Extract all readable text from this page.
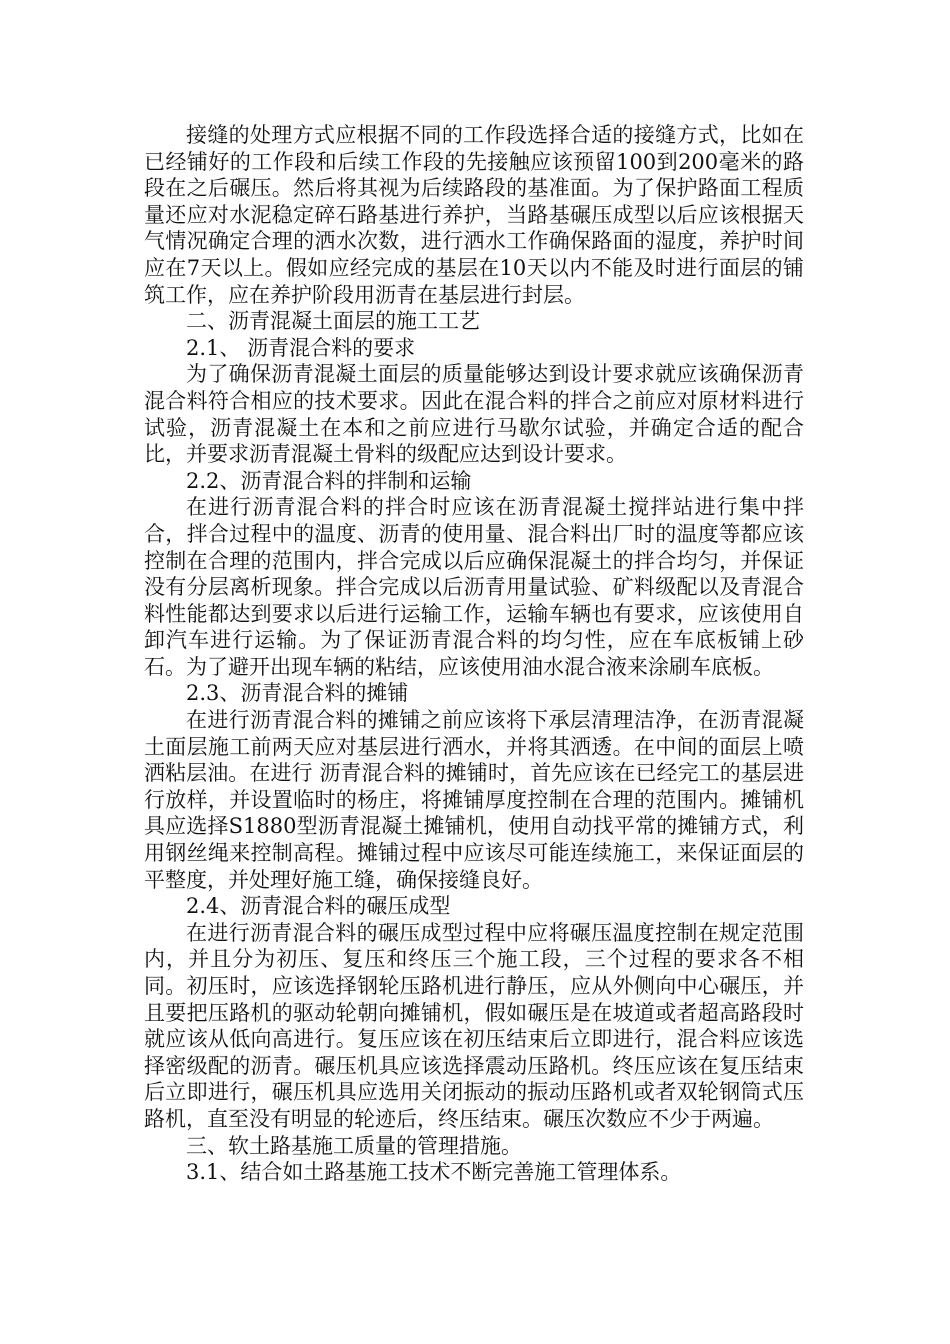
接缝的处理方式应根据不同的工作段选择合适的接缝方式，比如在已经铺好的工作段和后续工作段的先接触应该预留100到200毫米的路段在之后碾压。然后将其视为后续路段的基准面。为了保护路面工程质量还应对水泥稳定碎石路基进行养护，当路基碾压成型以后应该根据天气情况确定合理的洒水次数，进行洒水工作确保路面的湿度，养护时间应在7天以上。假如应经完成的基层在10天以内不能及时进行面层的铺筑工作，应在养护阶段用沥青在基层进行封层。

二、沥青混凝土面层的施工工艺

2.1、 沥青混合料的要求

为了确保沥青混凝土面层的质量能够达到设计要求就应该确保沥青混合料符合相应的技术要求。因此在混合料的拌合之前应对原材料进行试验，沥青混凝土在本和之前应进行马歇尔试验，并确定合适的配合比，并要求沥青混凝土骨料的级配应达到设计要求。

2.2、沥青混合料的拌制和运输

在进行沥青混合料的拌合时应该在沥青混凝土搅拌站进行集中拌合，拌合过程中的温度、沥青的使用量、混合料出厂时的温度等都应该控制在合理的范围内，拌合完成以后应确保混凝土的拌合均匀，并保证没有分层离析现象。拌合完成以后沥青用量试验、矿料级配以及青混合料性能都达到要求以后进行运输工作，运输车辆也有要求，应该使用自卸汽车进行运输。为了保证沥青混合料的均匀性，应在车底板铺上砂石。为了避开出现车辆的粘结，应该使用油水混合液来涂刷车底板。

2.3、沥青混合料的摊铺

在进行沥青混合料的摊铺之前应该将下承层清理洁净，在沥青混凝土面层施工前两天应对基层进行洒水，并将其洒透。在中间的面层上喷洒粘层油。在进行 沥青混合料的摊铺时，首先应该在已经完工的基层进行放样，并设置临时的杨庄，将摊铺厚度控制在合理的范围内。摊铺机具应选择S1880型沥青混凝土摊铺机，使用自动找平常的摊铺方式，利用钢丝绳来控制高程。摊铺过程中应该尽可能连续施工，来保证面层的平整度，并处理好施工缝，确保接缝良好。

2.4、沥青混合料的碾压成型

在进行沥青混合料的碾压成型过程中应将碾压温度控制在规定范围内，并且分为初压、复压和终压三个施工段，三个过程的要求各不相同。初压时，应该选择钢轮压路机进行静压，应从外侧向中心碾压，并且要把压路机的驱动轮朝向摊铺机，假如碾压是在坡道或者超高路段时就应该从低向高进行。复压应该在初压结束后立即进行，混合料应该选择密级配的沥青。碾压机具应该选择震动压路机。终压应该在复压结束后立即进行，碾压机具应选用关闭振动的振动压路机或者双轮钢筒式压路机，直至没有明显的轮迹后，终压结束。碾压次数应不少于两遍。

三、软土路基施工质量的管理措施。

3.1、结合如土路基施工技术不断完善施工管理体系。
